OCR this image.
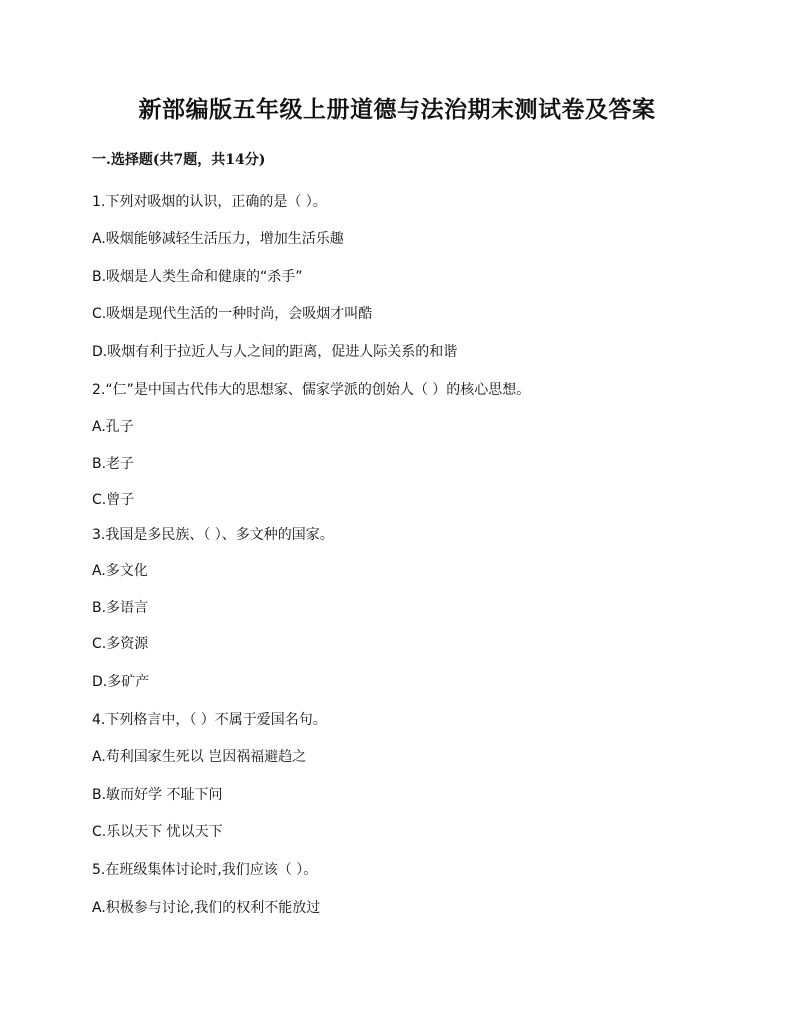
新部编版五年级上册道德与法治期末测试卷及答案

一.选择题(共7题，共14分)

1.下列对吸烟的认识，正确的是（ ）。

A.吸烟能够减轻生活压力，增加生活乐趣

B.吸烟是人类生命和健康的“杀手”

C.吸烟是现代生活的一种时尚，会吸烟才叫酷

D.吸烟有利于拉近人与人之间的距离，促进人际关系的和谐

2.“仁”是中国古代伟大的思想家、儒家学派的创始人（ ）的核心思想。

A.孔子

B.老子

C.曾子

3.我国是多民族、（ ）、多文种的国家。

A.多文化

B.多语言

C.多资源

D.多矿产

4.下列格言中，（ ）不属于爱国名句。

A.苟利国家生死以 岂因祸福避趋之

B.敏而好学 不耻下问

C.乐以天下 忧以天下

5.在班级集体讨论时,我们应该（ ）。

A.积极参与讨论,我们的权利不能放过
